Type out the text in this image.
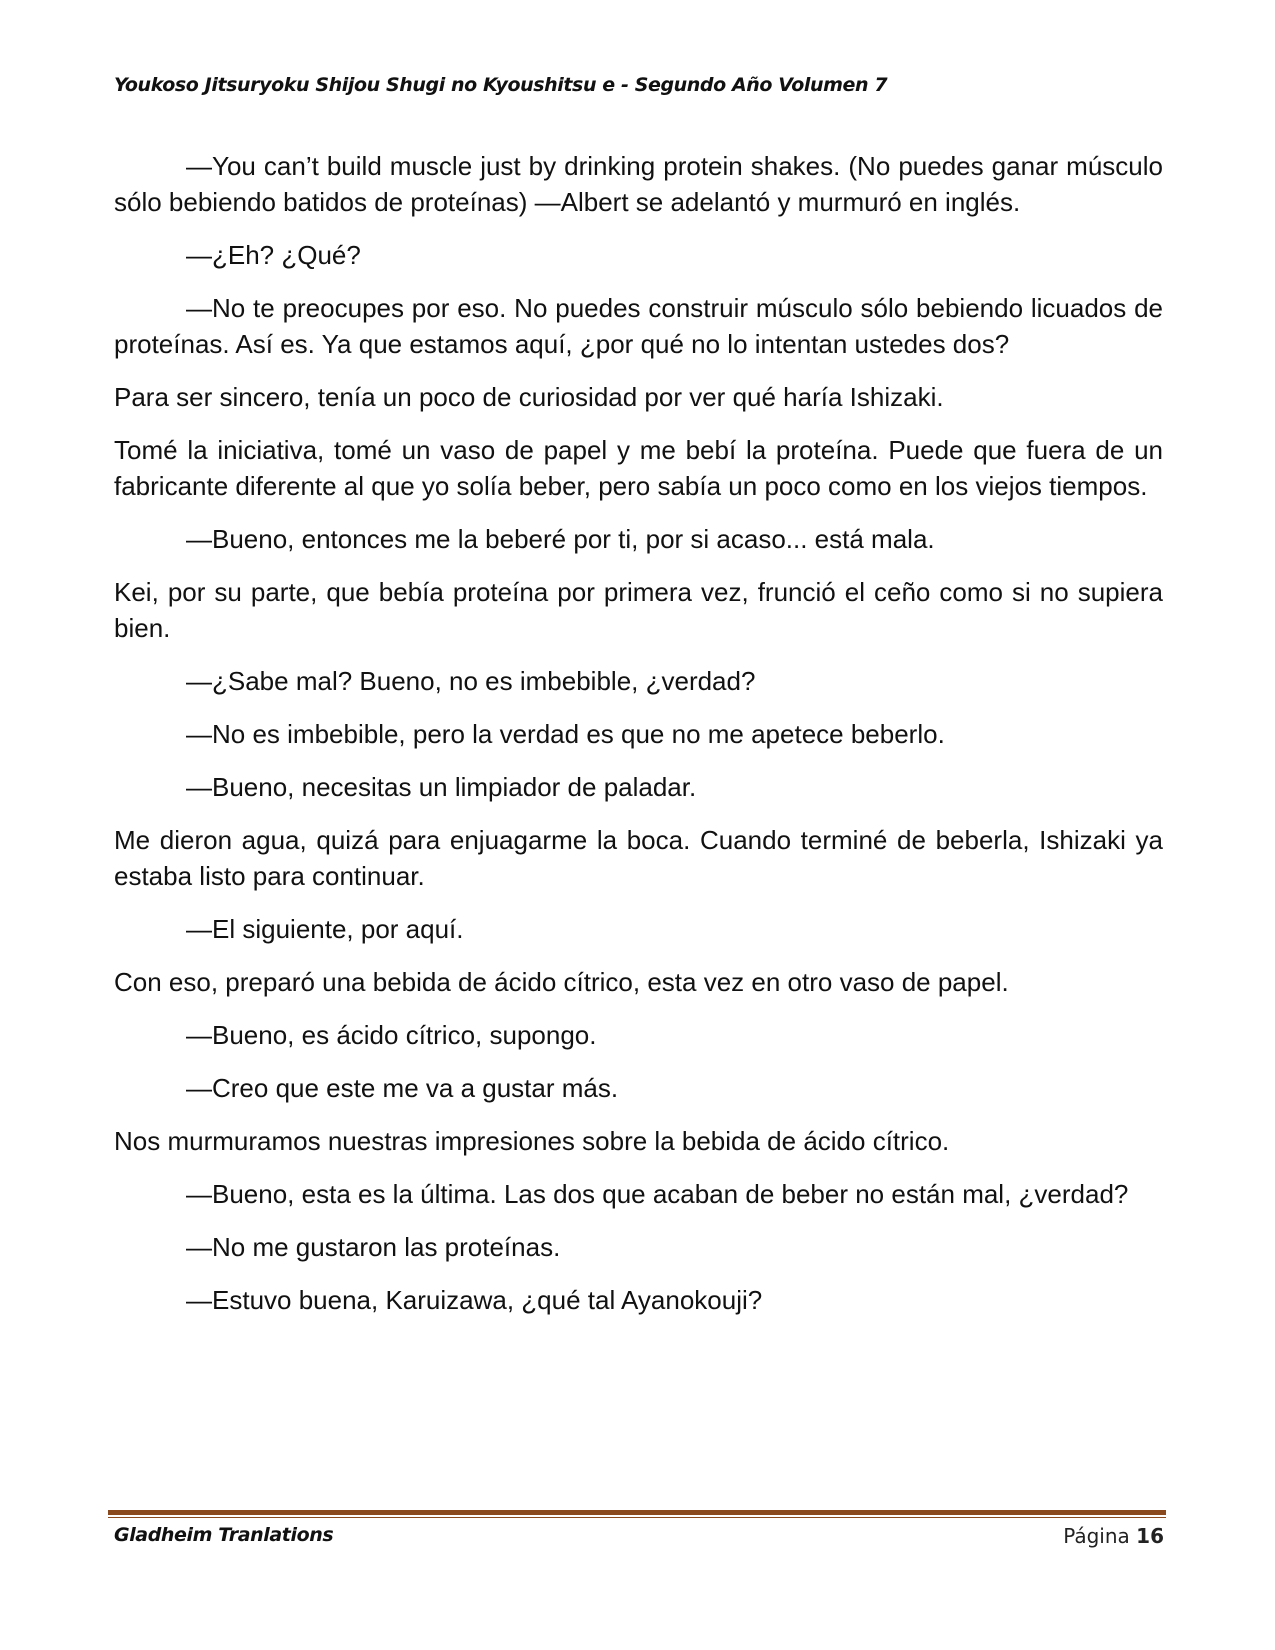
Youkoso Jitsuryoku Shijou Shugi no Kyoushitsu e - Segundo Año Volumen 7

—You can’t build muscle just by drinking protein shakes. (No puedes ganar músculo sólo bebiendo batidos de proteínas) —Albert se adelantó y murmuró en inglés.

—¿Eh? ¿Qué?

—No te preocupes por eso. No puedes construir músculo sólo bebiendo licuados de proteínas. Así es. Ya que estamos aquí, ¿por qué no lo intentan ustedes dos?

Para ser sincero, tenía un poco de curiosidad por ver qué haría Ishizaki.

Tomé la iniciativa, tomé un vaso de papel y me bebí la proteína. Puede que fuera de un fabricante diferente al que yo solía beber, pero sabía un poco como en los viejos tiempos.

—Bueno, entonces me la beberé por ti, por si acaso... está mala.

Kei, por su parte, que bebía proteína por primera vez, frunció el ceño como si no supiera bien.

—¿Sabe mal? Bueno, no es imbebible, ¿verdad?

—No es imbebible, pero la verdad es que no me apetece beberlo.

—Bueno, necesitas un limpiador de paladar.

Me dieron agua, quizá para enjuagarme la boca. Cuando terminé de beberla, Ishizaki ya estaba listo para continuar.

—El siguiente, por aquí.

Con eso, preparó una bebida de ácido cítrico, esta vez en otro vaso de papel.

—Bueno, es ácido cítrico, supongo.

—Creo que este me va a gustar más.

Nos murmuramos nuestras impresiones sobre la bebida de ácido cítrico.

—Bueno, esta es la última. Las dos que acaban de beber no están mal, ¿verdad?

—No me gustaron las proteínas.

—Estuvo buena, Karuizawa, ¿qué tal Ayanokouji?

Gladheim Tranlations	Página 16
